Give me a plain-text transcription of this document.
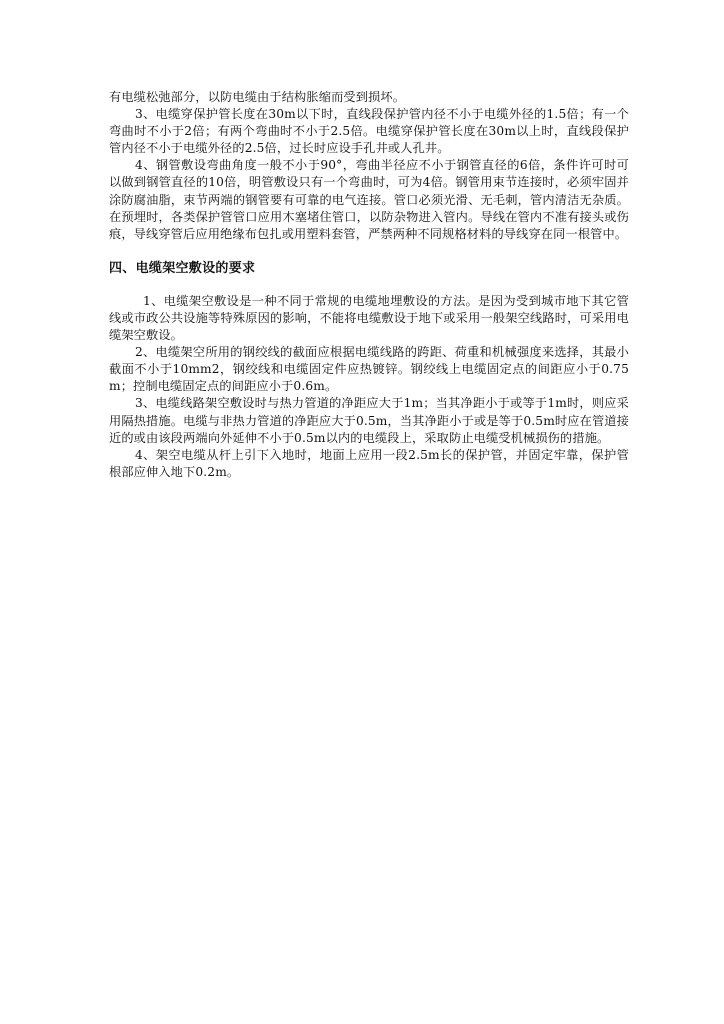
有电缆松弛部分，以防电缆由于结构胀缩而受到损坏。

3、电缆穿保护管长度在30m以下时，直线段保护管内径不小于电缆外径的1.5倍；有一个弯曲时不小于2倍；有两个弯曲时不小于2.5倍。电缆穿保护管长度在30m以上时，直线段保护管内径不小于电缆外径的2.5倍，过长时应设手孔井或人孔井。

4、钢管敷设弯曲角度一般不小于90°，弯曲半径应不小于钢管直径的6倍，条件许可时可以做到钢管直径的10倍，明管敷设只有一个弯曲时，可为4倍。钢管用束节连接时，必须牢固并涂防腐油脂，束节两端的钢管要有可靠的电气连接。管口必须光滑、无毛刺，管内清洁无杂质。在预埋时，各类保护管管口应用木塞堵住管口，以防杂物进入管内。导线在管内不准有接头或伤痕，导线穿管后应用绝缘布包扎或用塑料套管，严禁两种不同规格材料的导线穿在同一根管中。

四、电缆架空敷设的要求

1、电缆架空敷设是一种不同于常规的电缆地埋敷设的方法。是因为受到城市地下其它管线或市政公共设施等特殊原因的影响，不能将电缆敷设于地下或采用一般架空线路时，可采用电缆架空敷设。

2、电缆架空所用的钢绞线的截面应根据电缆线路的跨距、荷重和机械强度来选择，其最小截面不小于10mm2，钢绞线和电缆固定件应热镀锌。钢绞线上电缆固定点的间距应小于0.75m；控制电缆固定点的间距应小于0.6m。

3、电缆线路架空敷设时与热力管道的净距应大于1m；当其净距小于或等于1m时，则应采用隔热措施。电缆与非热力管道的净距应大于0.5m，当其净距小于或是等于0.5m时应在管道接近的或由该段两端向外延伸不小于0.5m以内的电缆段上，采取防止电缆受机械损伤的措施。

4、架空电缆从杆上引下入地时，地面上应用一段2.5m长的保护管，并固定牢靠，保护管根部应伸入地下0.2m。
